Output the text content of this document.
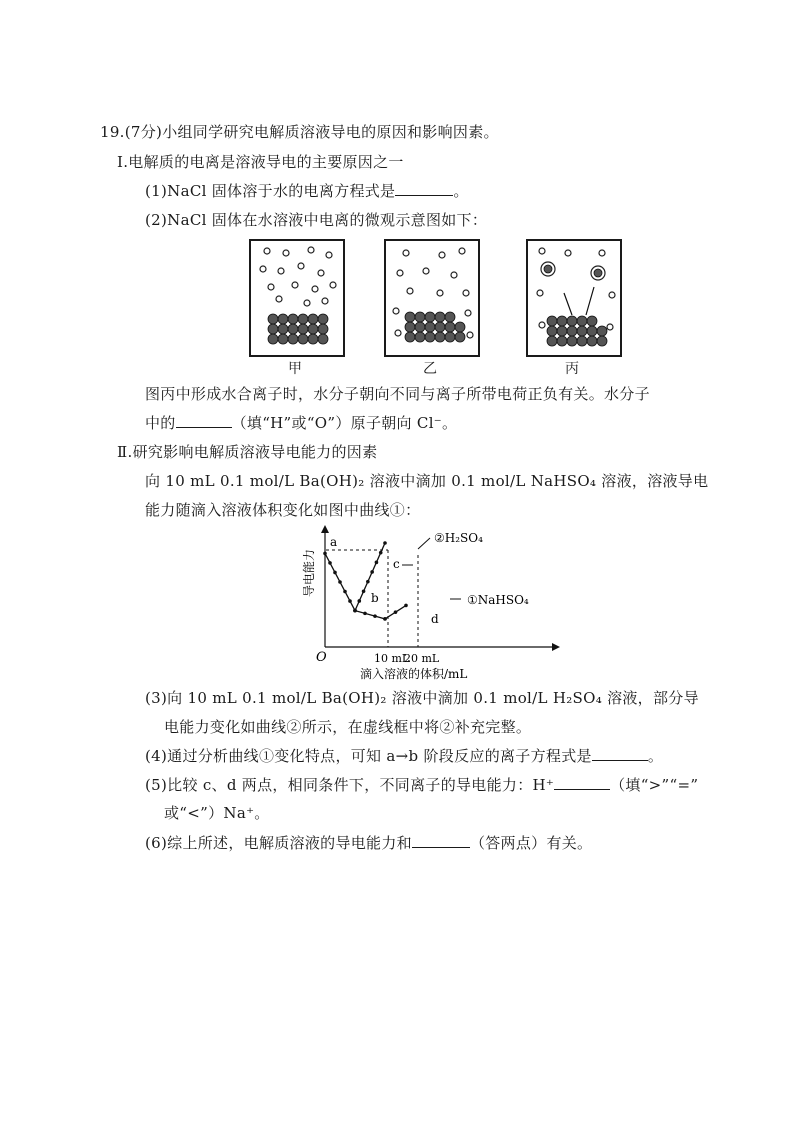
19.(7分)小组同学研究电解质溶液导电的原因和影响因素。
Ⅰ.电解质的电离是溶液导电的主要原因之一
(1)NaCl 固体溶于水的电离方程式是	。
(2)NaCl 固体在水溶液中电离的微观示意图如下：
甲	乙	丙
图丙中形成水合离子时，水分子朝向不同与离子所带电荷正负有关。水分子
中的	（填“H”或“O”）原子朝向 Cl⁻。
Ⅱ.研究影响电解质溶液导电能力的因素
向 10 mL 0.1 mol/L Ba(OH)₂ 溶液中滴加 0.1 mol/L NaHSO₄ 溶液，溶液导电
能力随滴入溶液体积变化如图中曲线①：
a
b
c
d
②H₂SO₄
①NaHSO₄
O	10 mL
20 mL
滴入溶液的体积/mL
导电能力
(3)向 10 mL 0.1 mol/L Ba(OH)₂ 溶液中滴加 0.1 mol/L H₂SO₄ 溶液，部分导
电能力变化如曲线②所示，在虚线框中将②补充完整。
(4)通过分析曲线①变化特点，可知 a→b 阶段反应的离子方程式是	。
(5)比较 c、d 两点，相同条件下，不同离子的导电能力：H⁺	（填“>”“=”
或“<”）Na⁺。
(6)综上所述，电解质溶液的导电能力和	（答两点）有关。
